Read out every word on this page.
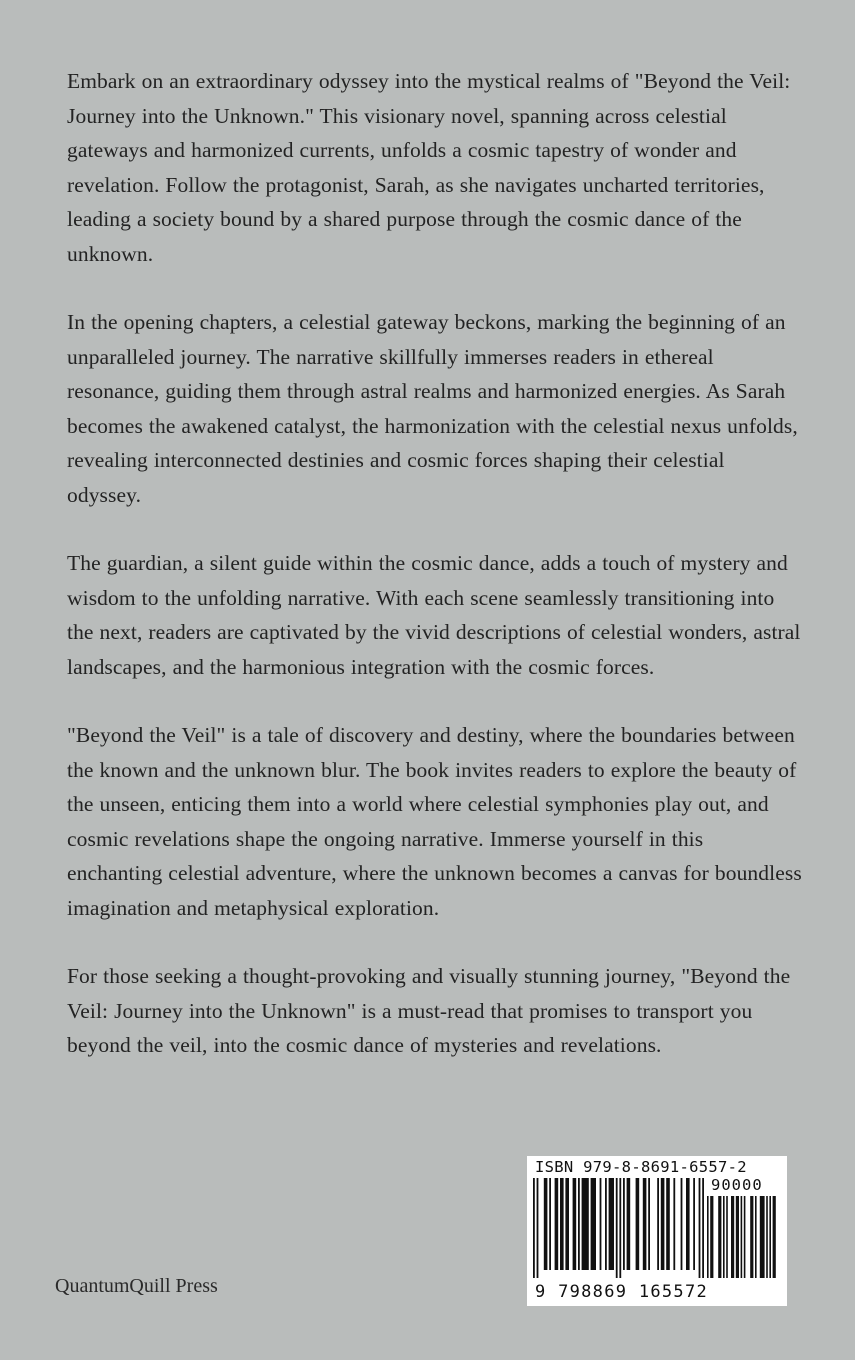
Embark on an extraordinary odyssey into the mystical realms of "Beyond the Veil: Journey into the Unknown." This visionary novel, spanning across celestial gateways and harmonized currents, unfolds a cosmic tapestry of wonder and revelation. Follow the protagonist, Sarah, as she navigates uncharted territories, leading a society bound by a shared purpose through the cosmic dance of the unknown.

In the opening chapters, a celestial gateway beckons, marking the beginning of an unparalleled journey. The narrative skillfully immerses readers in ethereal resonance, guiding them through astral realms and harmonized energies. As Sarah becomes the awakened catalyst, the harmonization with the celestial nexus unfolds, revealing interconnected destinies and cosmic forces shaping their celestial odyssey.

The guardian, a silent guide within the cosmic dance, adds a touch of mystery and wisdom to the unfolding narrative. With each scene seamlessly transitioning into the next, readers are captivated by the vivid descriptions of celestial wonders, astral landscapes, and the harmonious integration with the cosmic forces.

"Beyond the Veil" is a tale of discovery and destiny, where the boundaries between the known and the unknown blur. The book invites readers to explore the beauty of the unseen, enticing them into a world where celestial symphonies play out, and cosmic revelations shape the ongoing narrative. Immerse yourself in this enchanting celestial adventure, where the unknown becomes a canvas for boundless imagination and metaphysical exploration.

For those seeking a thought-provoking and visually stunning journey, "Beyond the Veil: Journey into the Unknown" is a must-read that promises to transport you beyond the veil, into the cosmic dance of mysteries and revelations.

QuantumQuill Press
ISBN 979-8-8691-6557-2
90000
9 798869 165572
